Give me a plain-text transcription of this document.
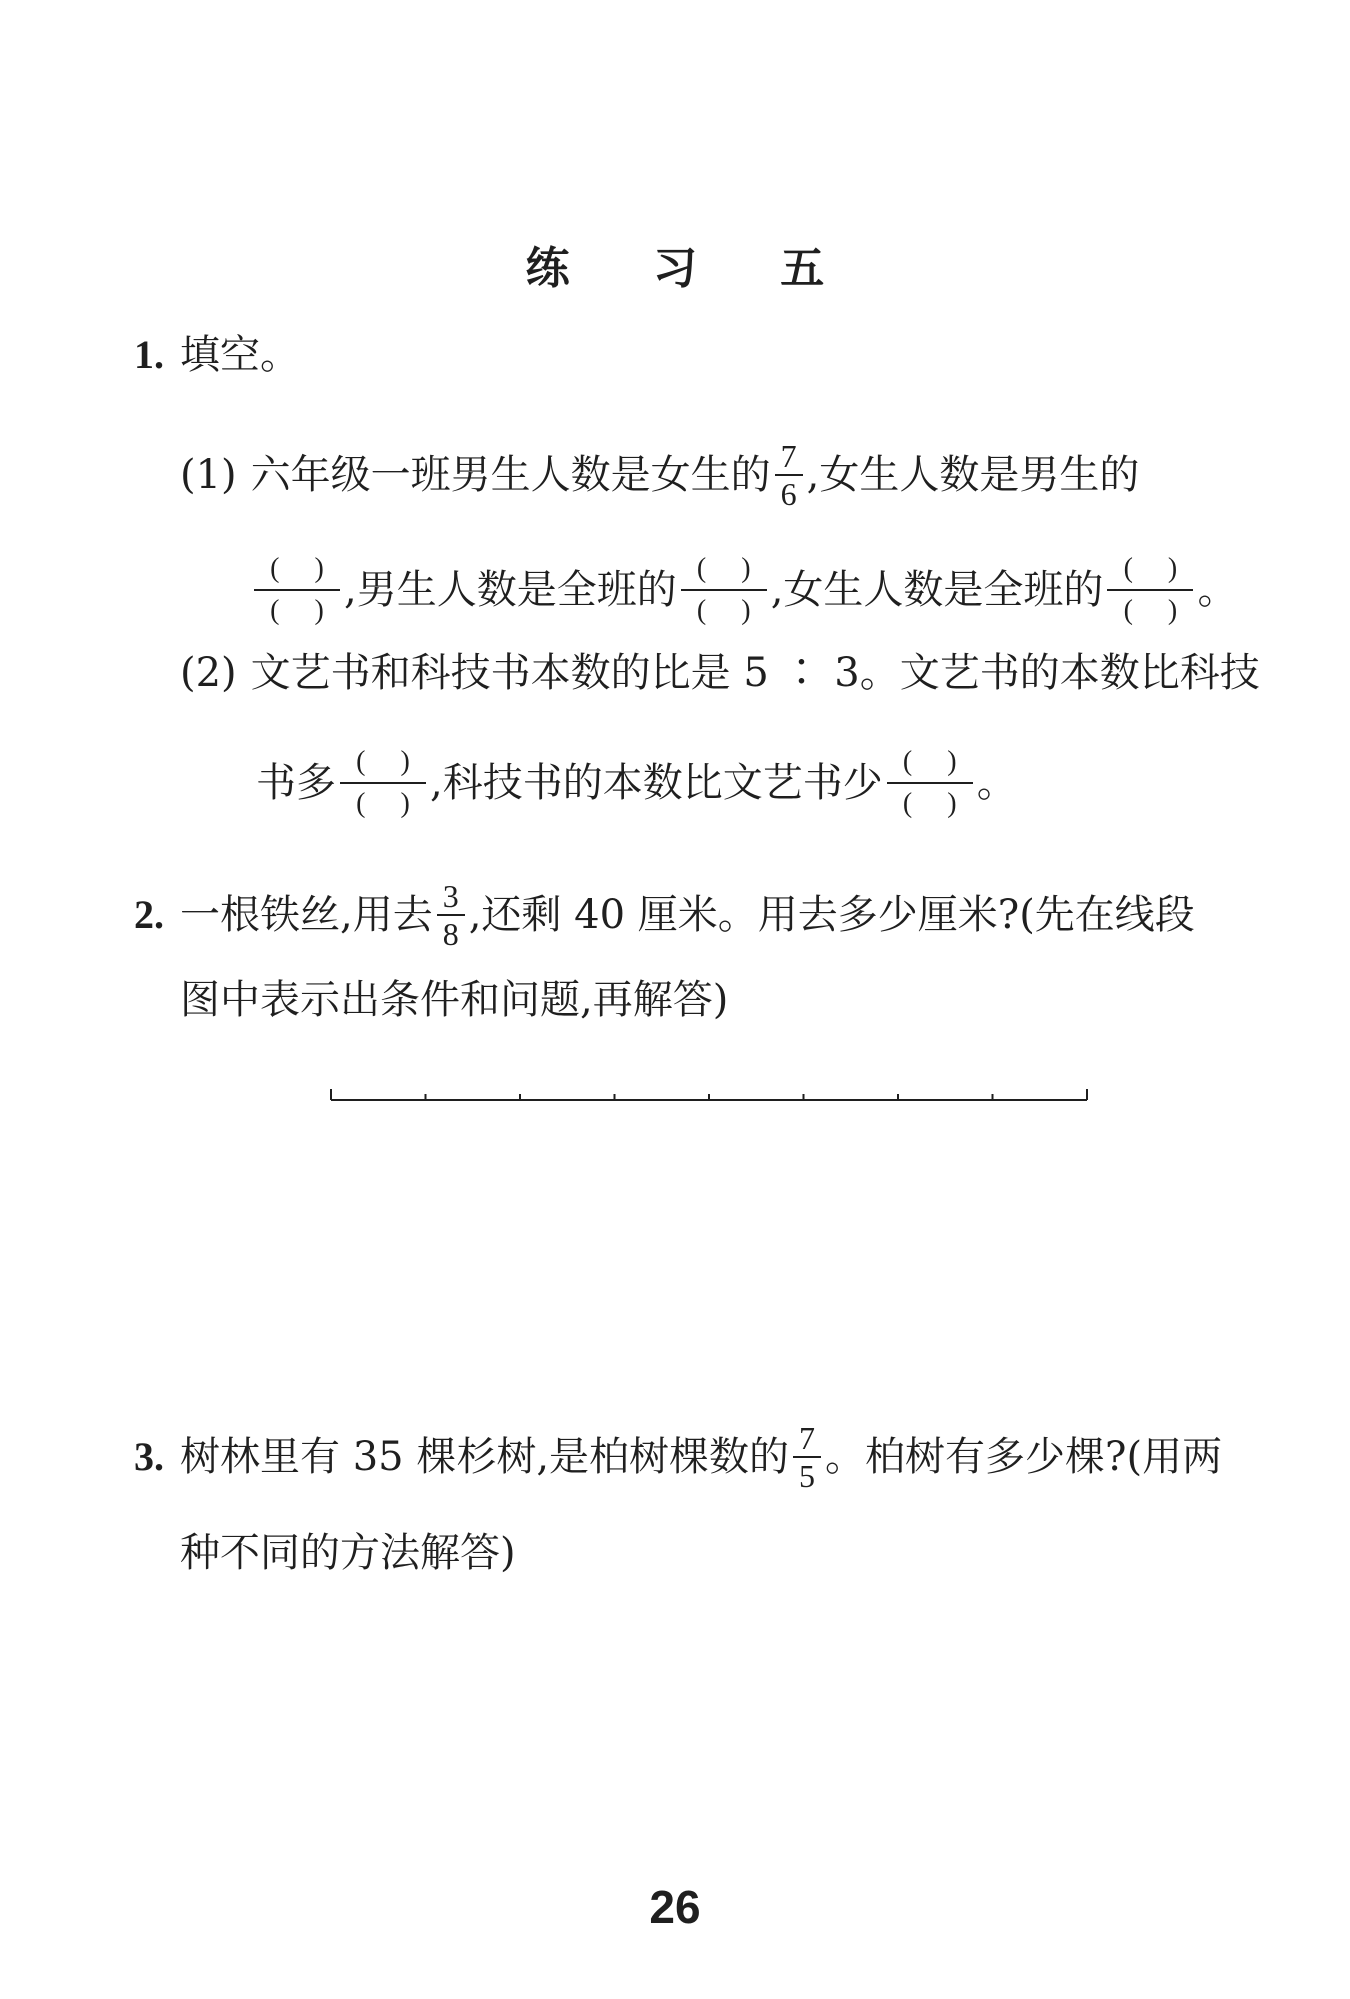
练 习 五
1. 填空。
(1) 六年级一班男生人数是女生的 $\frac{7}{6}$ ,女生人数是男生的
( )
( ) ,男生人数是全班的 ( )
( ) ,女生人数是全班的 ( )
( ) 。
(2) 文艺书和科技书本数的比是 5 ∶ 3。文艺书的本数比科技
书多 ( )
( ) ,科技书的本数比文艺书少 ( )
( ) 。
2. 一根铁丝,用去 $\frac{3}{8}$ ,还剩 40 厘米。用去多少厘米?(先在线段
图中表示出条件和问题,再解答)
3. 树林里有 35 棵杉树,是柏树棵数的 $\frac{7}{5}$ 。柏树有多少棵?(用两
种不同的方法解答)
26
